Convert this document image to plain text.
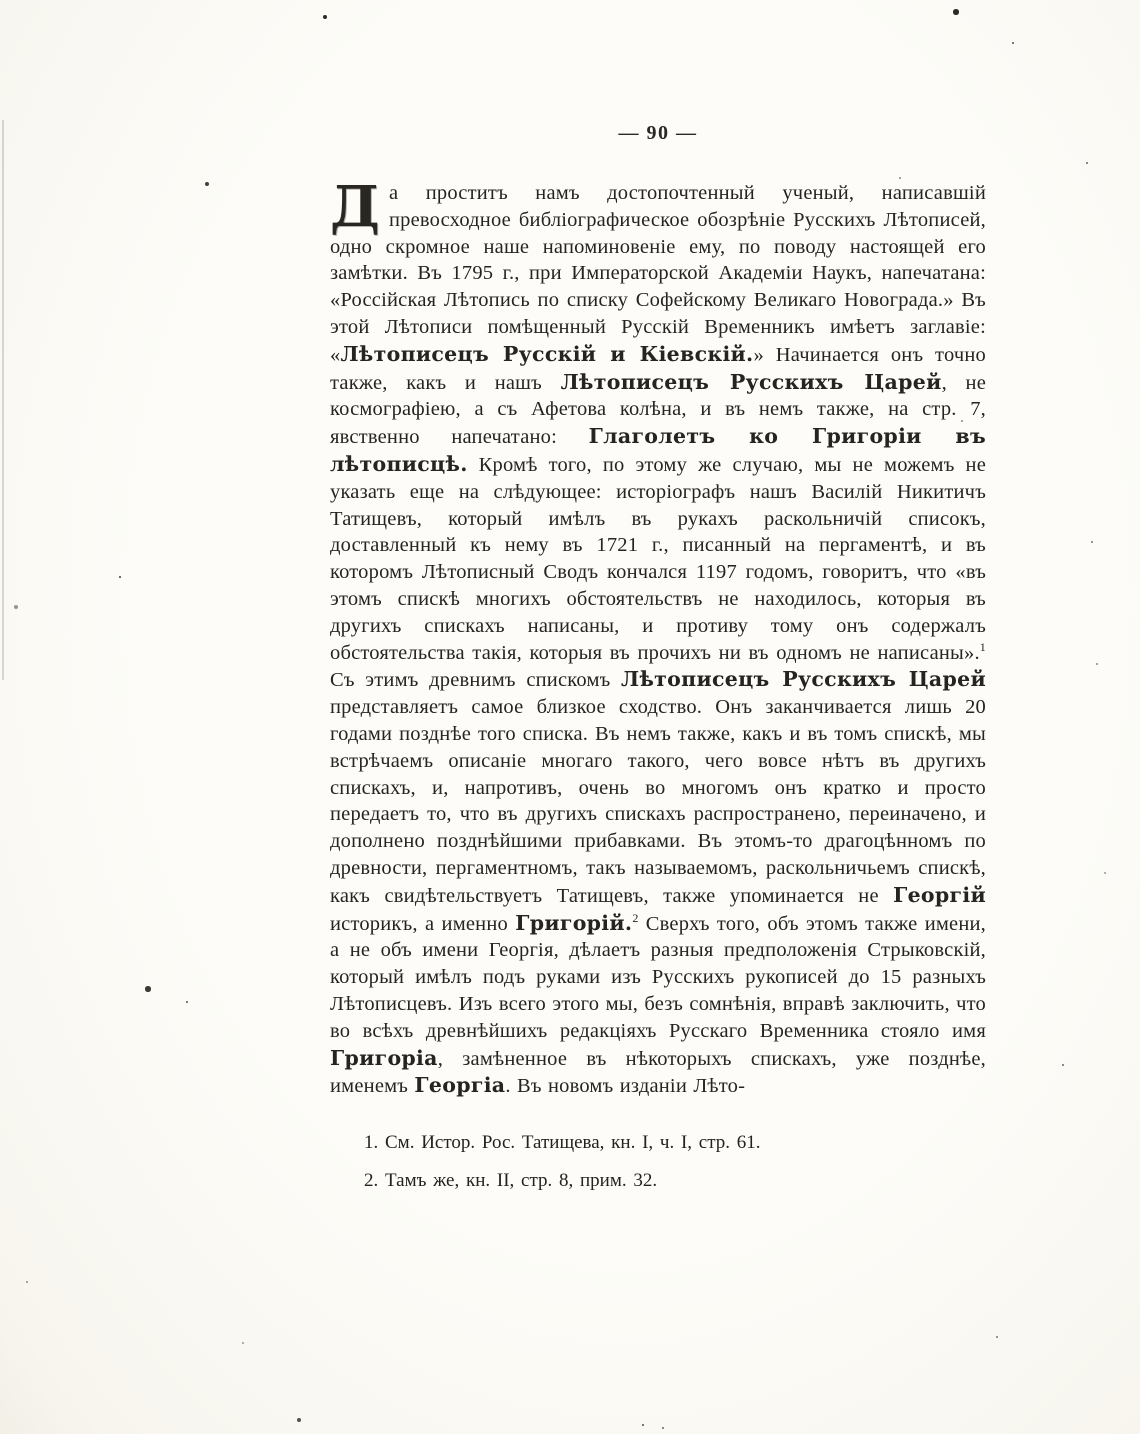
— 90 —

Да проститъ намъ достопочтенный ученый, написавшій превосходное библіографическое обозрѣніе Русскихъ Лѣтописей, одно скромное наше напоминовеніе ему, по поводу настоящей его замѣтки. Въ 1795 г., при Императорской Академіи Наукъ, напечатана: «Россійская Лѣтопись по списку Софейскому Великаго Новограда.» Въ этой Лѣтописи помѣщенный Русскій Временникъ имѣетъ заглавіе: «Лѣтописецъ Русскій и Кіевскій.» Начинается онъ точно также, какъ и нашъ Лѣтописецъ Русскихъ Царей, не космографіею, а съ Афетова колѣна, и въ немъ также, на стр. 7, явственно напечатано: Глаголетъ ко Григоріи въ лѣтописцѣ. Кромѣ того, по этому же случаю, мы не можемъ не указать еще на слѣдующее: исторіографъ нашъ Василій Никитичъ Татищевъ, который имѣлъ въ рукахъ раскольничій списокъ, доставленный къ нему въ 1721 г., писанный на пергаментѣ, и въ которомъ Лѣтописный Сводъ кончался 1197 годомъ, говоритъ, что «въ этомъ спискѣ многихъ обстоятельствъ не находилось, которыя въ другихъ спискахъ написаны, и противу тому онъ содержалъ обстоятельства такія, которыя въ прочихъ ни въ одномъ не написаны».$^1$ Съ этимъ древнимъ спискомъ Лѣтописецъ Русскихъ Царей представляетъ самое близкое сходство. Онъ заканчивается лишь 20 годами позднѣе того списка. Въ немъ также, какъ и въ томъ спискѣ, мы встрѣчаемъ описаніе многаго такого, чего вовсе нѣтъ въ другихъ спискахъ, и, напротивъ, очень во многомъ онъ кратко и просто передаетъ то, что въ другихъ спискахъ распространено, переиначено, и дополнено позднѣйшими прибавками. Въ этомъ-то драгоцѣнномъ по древности, пергаментномъ, такъ называемомъ, раскольничьемъ спискѣ, какъ свидѣтельствуетъ Татищевъ, также упоминается не Георгій историкъ, а именно Григорій.$^2$ Сверхъ того, объ этомъ также имени, а не объ имени Георгія, дѣлаетъ разныя предположенія Стрыковскій, который имѣлъ подъ руками изъ Русскихъ рукописей до 15 разныхъ Лѣтописцевъ. Изъ всего этого мы, безъ сомнѣнія, вправѣ заключить, что во всѣхъ древнѣйшихъ редакціяхъ Русскаго Временника стояло имя Григоріа, замѣненное въ нѣкоторыхъ спискахъ, уже позднѣе, именемъ Георгіа. Въ новомъ изданіи Лѣто-

1. См. Истор. Рос. Татищева, кн. I, ч. I, стр. 61.
2. Тамъ же, кн. II, стр. 8, прим. 32.
